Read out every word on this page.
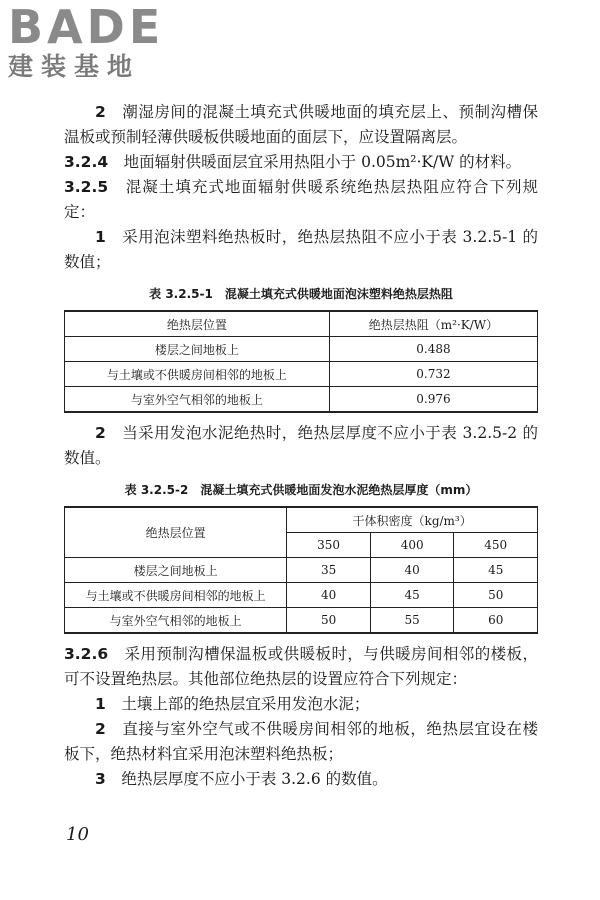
BADE
建装基地

2　 潮湿房间的混凝土填充式供暖地面的填充层上、预制沟槽保温板或预制轻薄供暖板供暖地面的面层下，应设置隔离层。

3.2.4　 地面辐射供暖面层宜采用热阻小于 0.05m²·K/W 的材料。

3.2.5　 混凝土填充式地面辐射供暖系统绝热层热阻应符合下列规定：

1　 采用泡沫塑料绝热板时，绝热层热阻不应小于表 3.2.5-1 的数值；

表 3.2.5-1　混凝土填充式供暖地面泡沫塑料绝热层热阻
绝热层位置	绝热层热阻（m²·K/W）
楼层之间地板上	0.488
与土壤或不供暖房间相邻的地板上	0.732
与室外空气相邻的地板上	0.976

2　 当采用发泡水泥绝热时，绝热层厚度不应小于表 3.2.5-2 的数值。

表 3.2.5-2　混凝土填充式供暖地面发泡水泥绝热层厚度（mm）
绝热层位置	干体积密度（kg/m³）		
	350	400	450
楼层之间地板上	35	40	45
与土壤或不供暖房间相邻的地板上	40	45	50
与室外空气相邻的地板上	50	55	60

3.2.6　 采用预制沟槽保温板或供暖板时，与供暖房间相邻的楼板，可不设置绝热层。其他部位绝热层的设置应符合下列规定：

1　 土壤上部的绝热层宜采用发泡水泥；

2　 直接与室外空气或不供暖房间相邻的地板，绝热层宜设在楼板下，绝热材料宜采用泡沫塑料绝热板；

3　 绝热层厚度不应小于表 3.2.6 的数值。

10
